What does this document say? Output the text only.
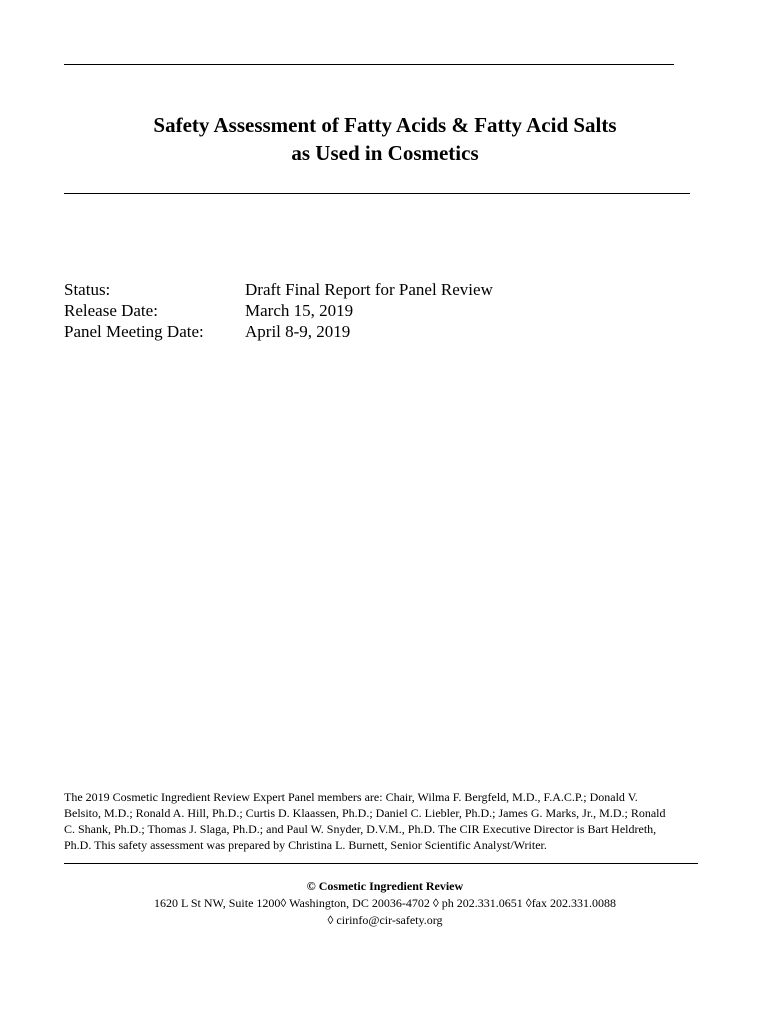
Safety Assessment of Fatty Acids & Fatty Acid Salts
as Used in Cosmetics
Status:	Draft Final Report for Panel Review
Release Date:	March 15, 2019
Panel Meeting Date: April 8-9, 2019
The 2019 Cosmetic Ingredient Review Expert Panel members are: Chair, Wilma F. Bergfeld, M.D., F.A.C.P.; Donald V.
Belsito, M.D.; Ronald A. Hill, Ph.D.; Curtis D. Klaassen, Ph.D.; Daniel C. Liebler, Ph.D.; James G. Marks, Jr., M.D.; Ronald
C. Shank, Ph.D.; Thomas J. Slaga, Ph.D.; and Paul W. Snyder, D.V.M., Ph.D. The CIR Executive Director is Bart Heldreth,
Ph.D. This safety assessment was prepared by Christina L. Burnett, Senior Scientific Analyst/Writer.
© Cosmetic Ingredient Review
1620 L St NW, Suite 1200◊ Washington, DC 20036-4702 ◊ ph 202.331.0651 ◊fax 202.331.0088
◊ cirinfo@cir-safety.org
